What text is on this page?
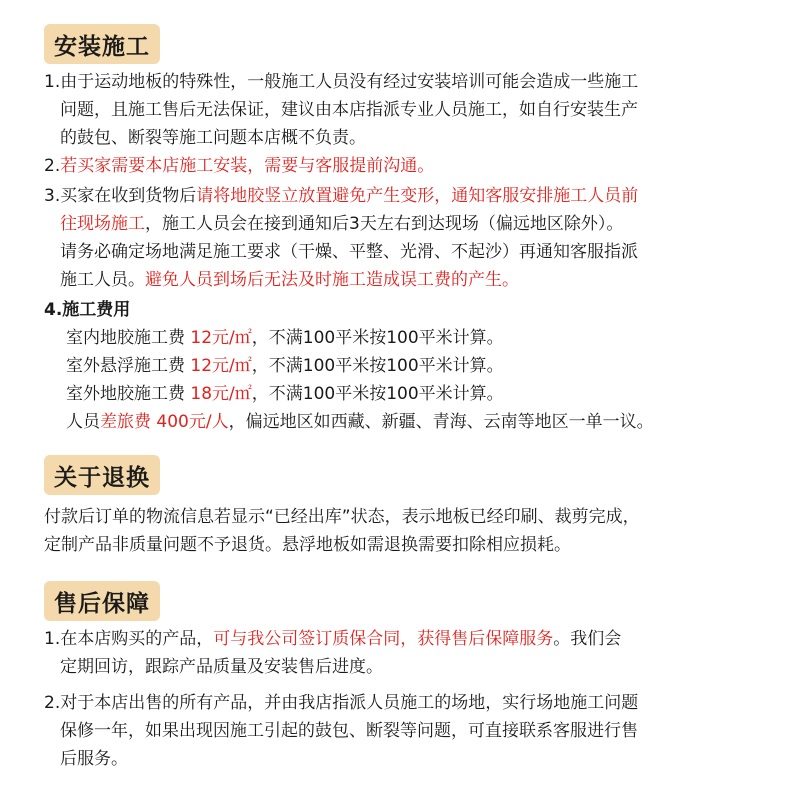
安装施工
1.由于运动地板的特殊性，一般施工人员没有经过安装培训可能会造成一些施工
问题，且施工售后无法保证，建议由本店指派专业人员施工，如自行安装生产
的鼓包、断裂等施工问题本店概不负责。
2.若买家需要本店施工安装，需要与客服提前沟通。
3.买家在收到货物后请将地胶竖立放置避免产生变形，通知客服安排施工人员前
往现场施工，施工人员会在接到通知后3天左右到达现场（偏远地区除外）。
请务必确定场地满足施工要求（干燥、平整、光滑、不起沙）再通知客服指派
施工人员。避免人员到场后无法及时施工造成误工费的产生。
4.施工费用
室内地胶施工费 12元/㎡，不满100平米按100平米计算。
室外悬浮施工费 12元/㎡，不满100平米按100平米计算。
室外地胶施工费 18元/㎡，不满100平米按100平米计算。
人员差旅费 400元/人，偏远地区如西藏、新疆、青海、云南等地区一单一议。
关于退换
付款后订单的物流信息若显示“已经出库”状态，表示地板已经印刷、裁剪完成，
定制产品非质量问题不予退货。悬浮地板如需退换需要扣除相应损耗。
售后保障
1.在本店购买的产品，可与我公司签订质保合同，获得售后保障服务。我们会
定期回访，跟踪产品质量及安装售后进度。
2.对于本店出售的所有产品，并由我店指派人员施工的场地，实行场地施工问题
保修一年，如果出现因施工引起的鼓包、断裂等问题，可直接联系客服进行售
后服务。
